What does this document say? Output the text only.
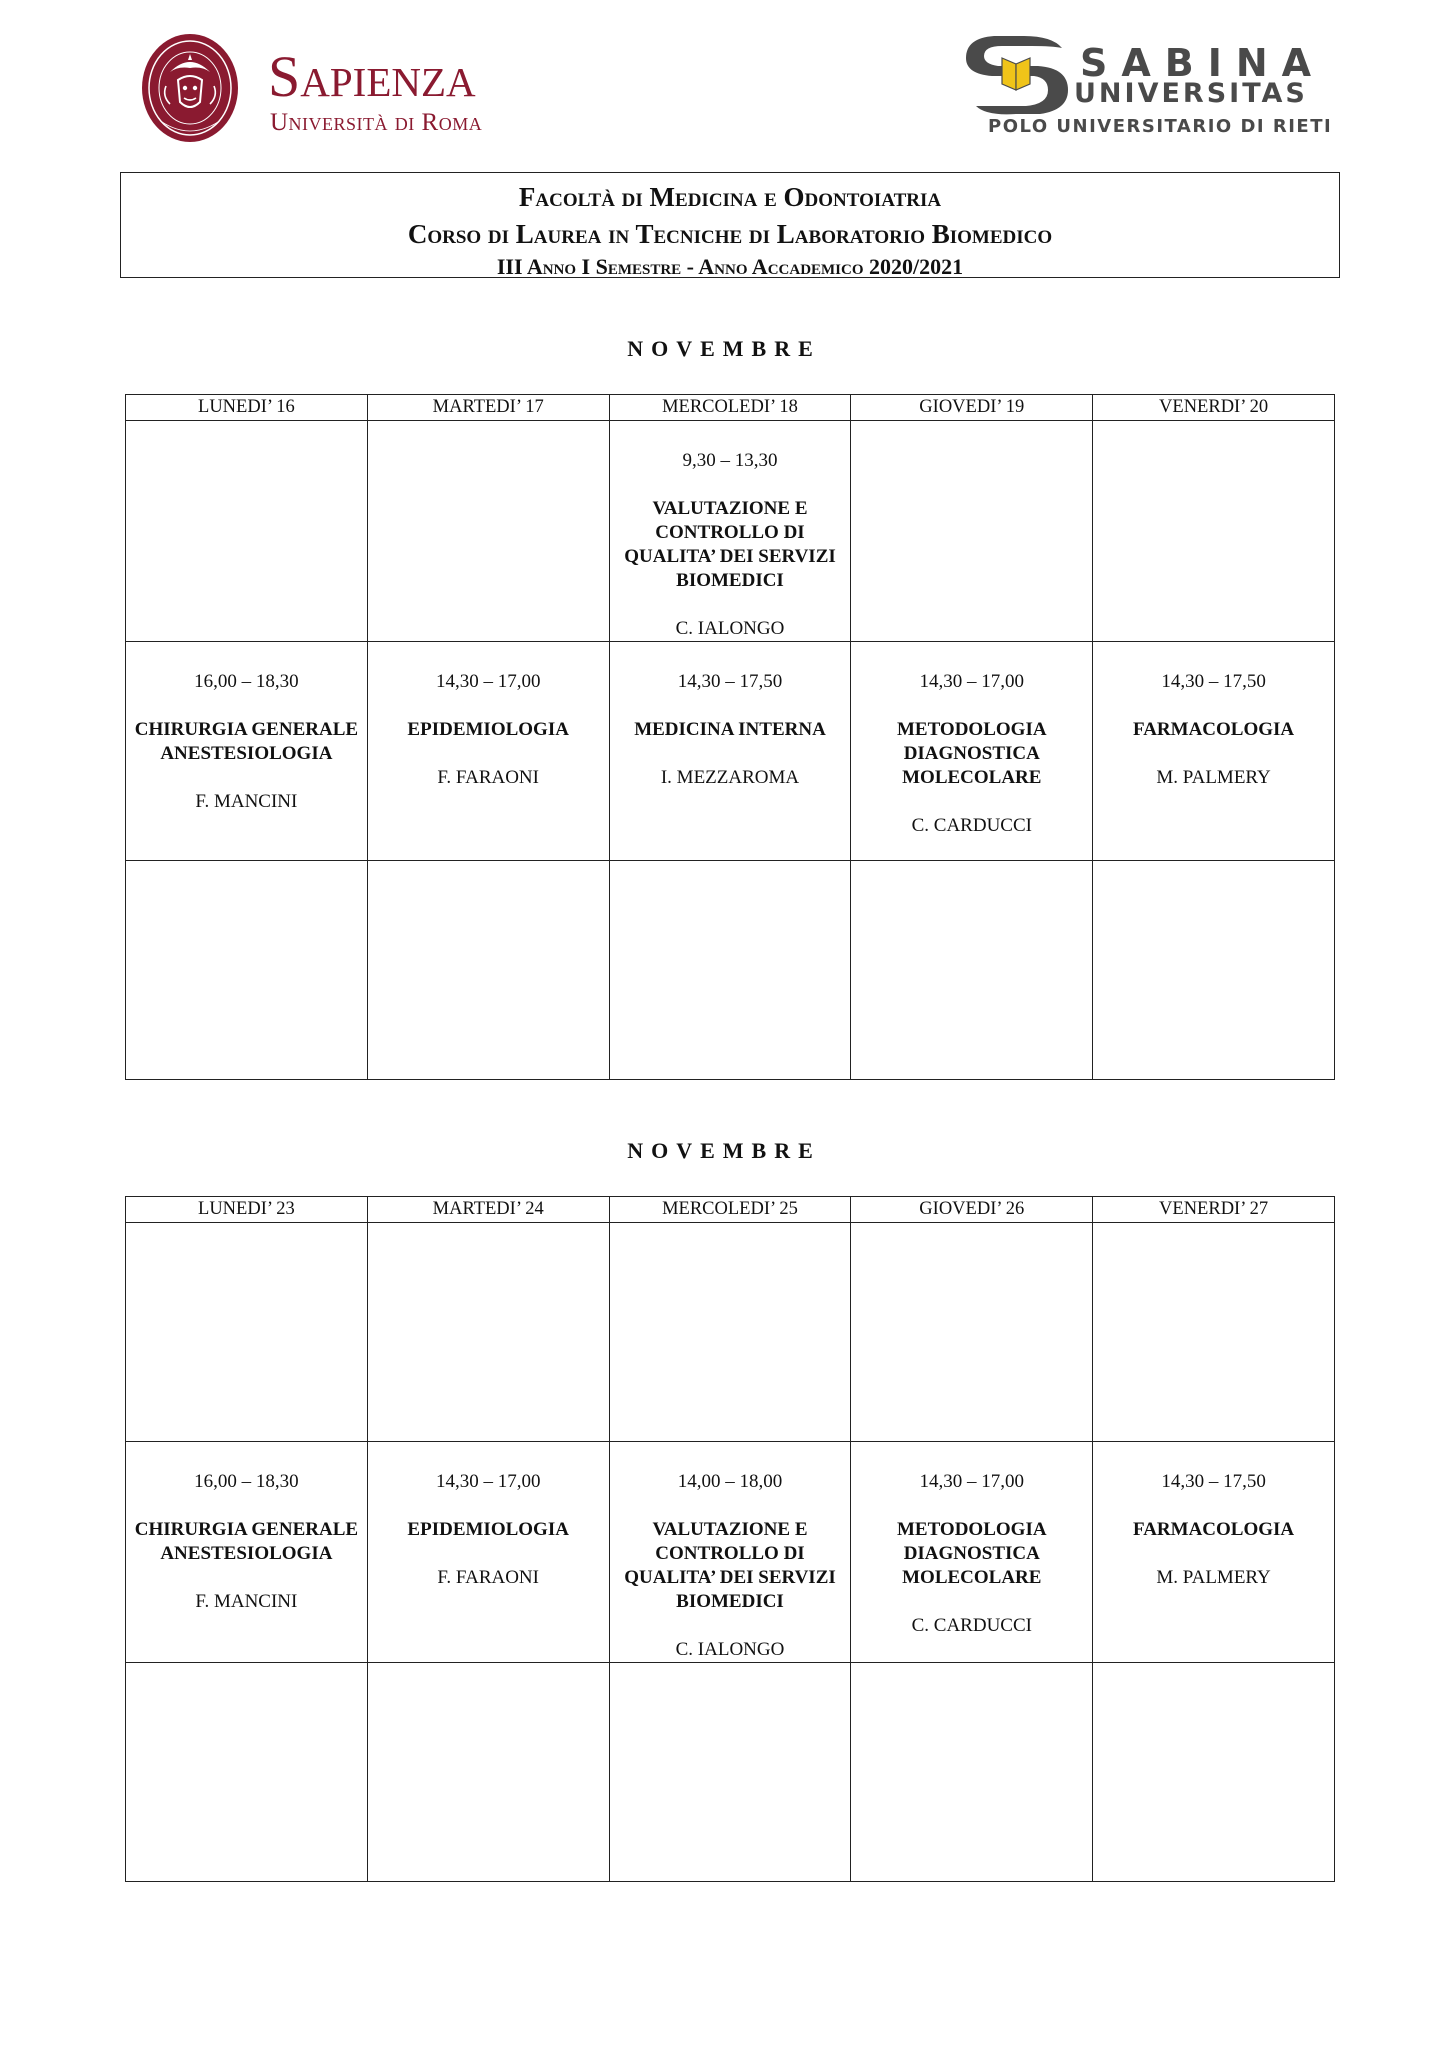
Sapienza
Università di Roma
SABINA
UNIVERSITAS
POLO UNIVERSITARIO DI RIETI
Facoltà di Medicina e Odontoiatria
Corso di Laurea in Tecniche di Laboratorio Biomedico
III Anno I Semestre - Anno Accademico 2020/2021
NOVEMBRE
LUNEDI’ 16	MARTEDI’ 17	MERCOLEDI’ 18	GIOVEDI’ 19	VENERDI’ 20

		9,30 – 13,30
VALUTAZIONE E CONTROLLO DI QUALITA’ DEI SERVIZI BIOMEDICI
C. IALONGO		

16,00 – 18,30
CHIRURGIA GENERALE ANESTESIOLOGIA
F. MANCINI	14,30 – 17,00
EPIDEMIOLOGIA
F. FARAONI	14,30 – 17,50
MEDICINA INTERNA
I. MEZZAROMA	14,30 – 17,00
METODOLOGIA DIAGNOSTICA MOLECOLARE
C. CARDUCCI	14,30 – 17,50
FARMACOLOGIA
M. PALMERY

NOVEMBRE
LUNEDI’ 23	MARTEDI’ 24	MERCOLEDI’ 25	GIOVEDI’ 26	VENERDI’ 27

16,00 – 18,30
CHIRURGIA GENERALE ANESTESIOLOGIA
F. MANCINI	14,30 – 17,00
EPIDEMIOLOGIA
F. FARAONI	14,00 – 18,00
VALUTAZIONE E CONTROLLO DI QUALITA’ DEI SERVIZI BIOMEDICI
C. IALONGO	14,30 – 17,00
METODOLOGIA DIAGNOSTICA MOLECOLARE
C. CARDUCCI	14,30 – 17,50
FARMACOLOGIA
M. PALMERY
